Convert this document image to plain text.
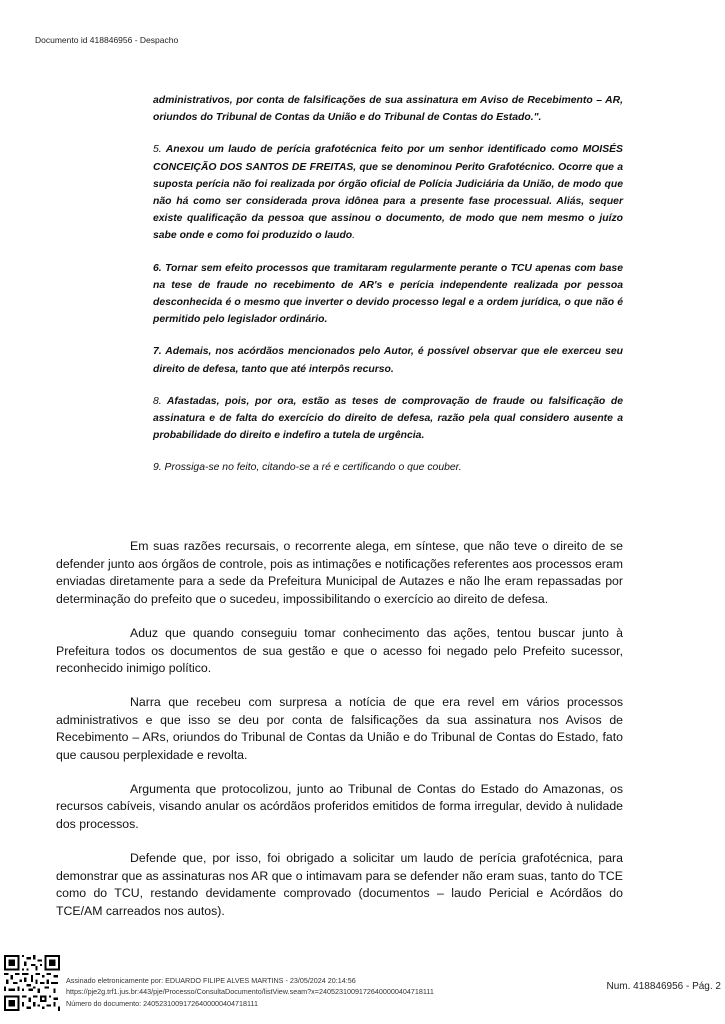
Documento id 418846956 - Despacho

administrativos, por conta de falsificações de sua assinatura em Aviso de Recebimento – AR, oriundos do Tribunal de Contas da União e do Tribunal de Contas do Estado.".

5. Anexou um laudo de perícia grafotécnica feito por um senhor identificado como MOISÉS CONCEIÇÃO DOS SANTOS DE FREITAS, que se denominou Perito Grafotécnico. Ocorre que a suposta perícia não foi realizada por órgão oficial de Polícia Judiciária da União, de modo que não há como ser considerada prova idônea para a presente fase processual. Aliás, sequer existe qualificação da pessoa que assinou o documento, de modo que nem mesmo o juízo sabe onde e como foi produzido o laudo.

6. Tornar sem efeito processos que tramitaram regularmente perante o TCU apenas com base na tese de fraude no recebimento de AR's e perícia independente realizada por pessoa desconhecida é o mesmo que inverter o devido processo legal e a ordem jurídica, o que não é permitido pelo legislador ordinário.

7. Ademais, nos acórdãos mencionados pelo Autor, é possível observar que ele exerceu seu direito de defesa, tanto que até interpôs recurso.

8. Afastadas, pois, por ora, estão as teses de comprovação de fraude ou falsificação de assinatura e de falta do exercício do direito de defesa, razão pela qual considero ausente a probabilidade do direito e indefiro a tutela de urgência.

9. Prossiga-se no feito, citando-se a ré e certificando o que couber.

Em suas razões recursais, o recorrente alega, em síntese, que não teve o direito de se defender junto aos órgãos de controle, pois as intimações e notificações referentes aos processos eram enviadas diretamente para a sede da Prefeitura Municipal de Autazes e não lhe eram repassadas por determinação do prefeito que o sucedeu, impossibilitando o exercício ao direito de defesa.

Aduz que quando conseguiu tomar conhecimento das ações, tentou buscar junto à Prefeitura todos os documentos de sua gestão e que o acesso foi negado pelo Prefeito sucessor, reconhecido inimigo político.

Narra que recebeu com surpresa a notícia de que era revel em vários processos administrativos e que isso se deu por conta de falsificações da sua assinatura nos Avisos de Recebimento – ARs, oriundos do Tribunal de Contas da União e do Tribunal de Contas do Estado, fato que causou perplexidade e revolta.

Argumenta que protocolizou, junto ao Tribunal de Contas do Estado do Amazonas, os recursos cabíveis, visando anular os acórdãos proferidos emitidos de forma irregular, devido à nulidade dos processos.

Defende que, por isso, foi obrigado a solicitar um laudo de perícia grafotécnica, para demonstrar que as assinaturas nos AR que o intimavam para se defender não eram suas, tanto do TCE como do TCU, restando devidamente comprovado (documentos – laudo Pericial e Acórdãos do TCE/AM carreados nos autos).

Assinado eletronicamente por: EDUARDO FILIPE ALVES MARTINS - 23/05/2024 20:14:56
https://pje2g.trf1.jus.br:443/pje/Processo/ConsultaDocumento/listView.seam?x=24052310091726400000404718111
Número do documento: 24052310091726400000404718111
Num. 418846956 - Pág. 2
